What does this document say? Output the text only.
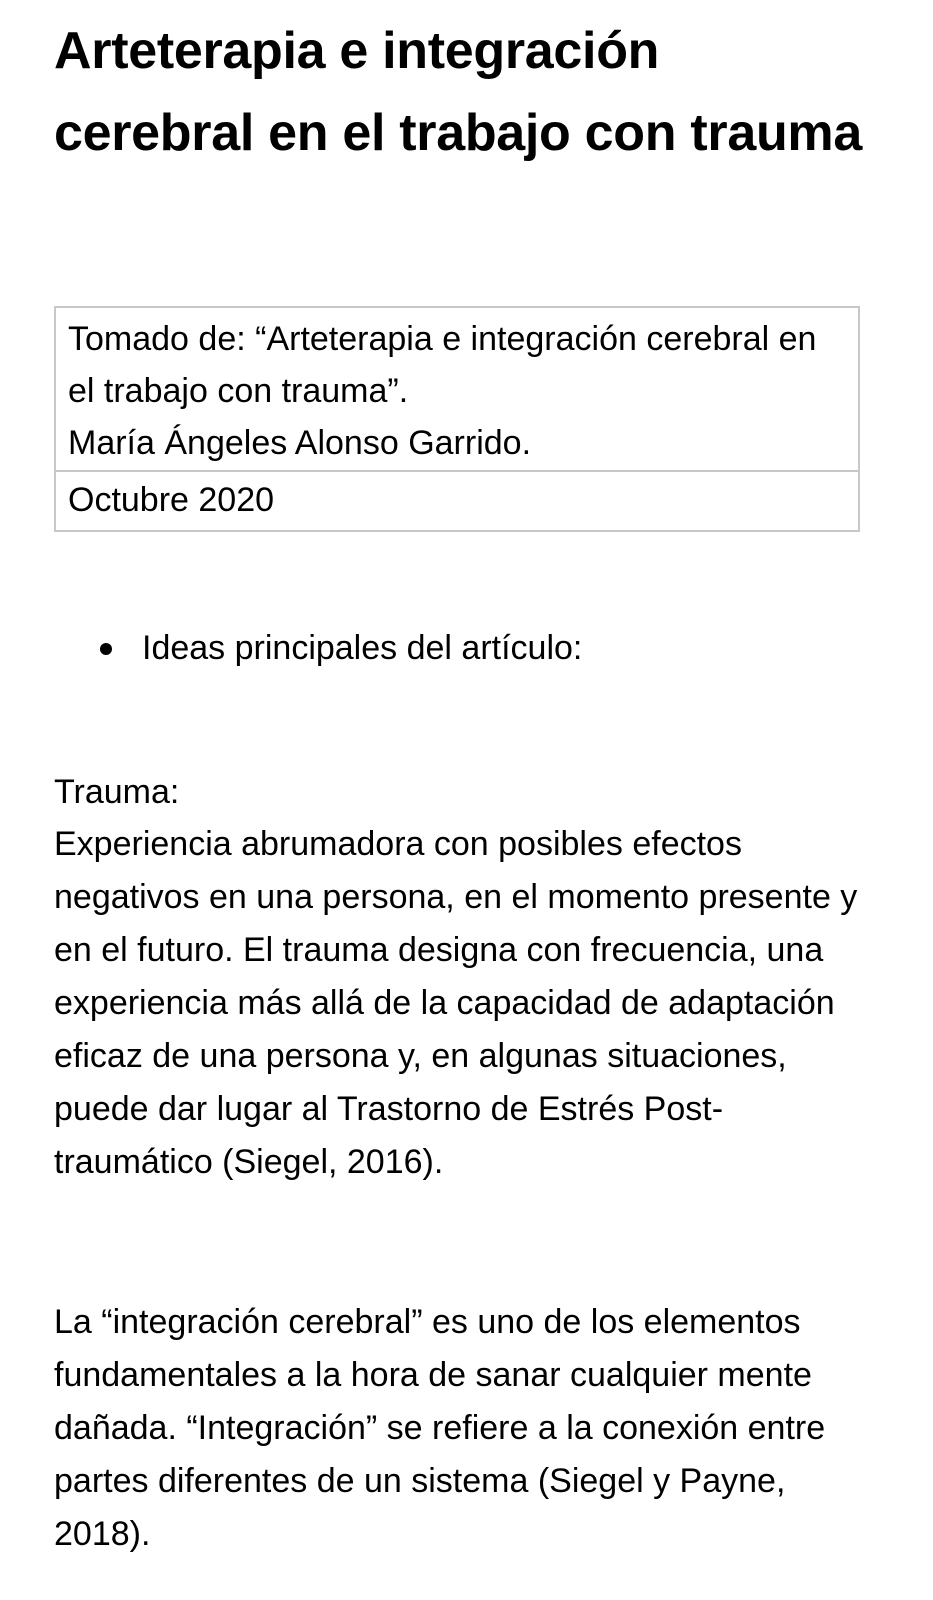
Arteterapia e integración cerebral en el trabajo con trauma
Tomado de: “Arteterapia e integración cerebral en el trabajo con trauma”.
María Ángeles Alonso Garrido.
Octubre 2020
Ideas principales del artículo:
Trauma:

Experiencia abrumadora con posibles efectos negativos en una persona, en el momento presente y en el futuro. El trauma designa con frecuencia, una experiencia más allá de la capacidad de adaptación eficaz de una persona y, en algunas situaciones, puede dar lugar al Trastorno de Estrés Post-traumático (Siegel, 2016).

La “integración cerebral” es uno de los elementos fundamentales a la hora de sanar cualquier mente dañada. “Integración” se refiere a la conexión entre partes diferentes de un sistema (Siegel y Payne, 2018).
